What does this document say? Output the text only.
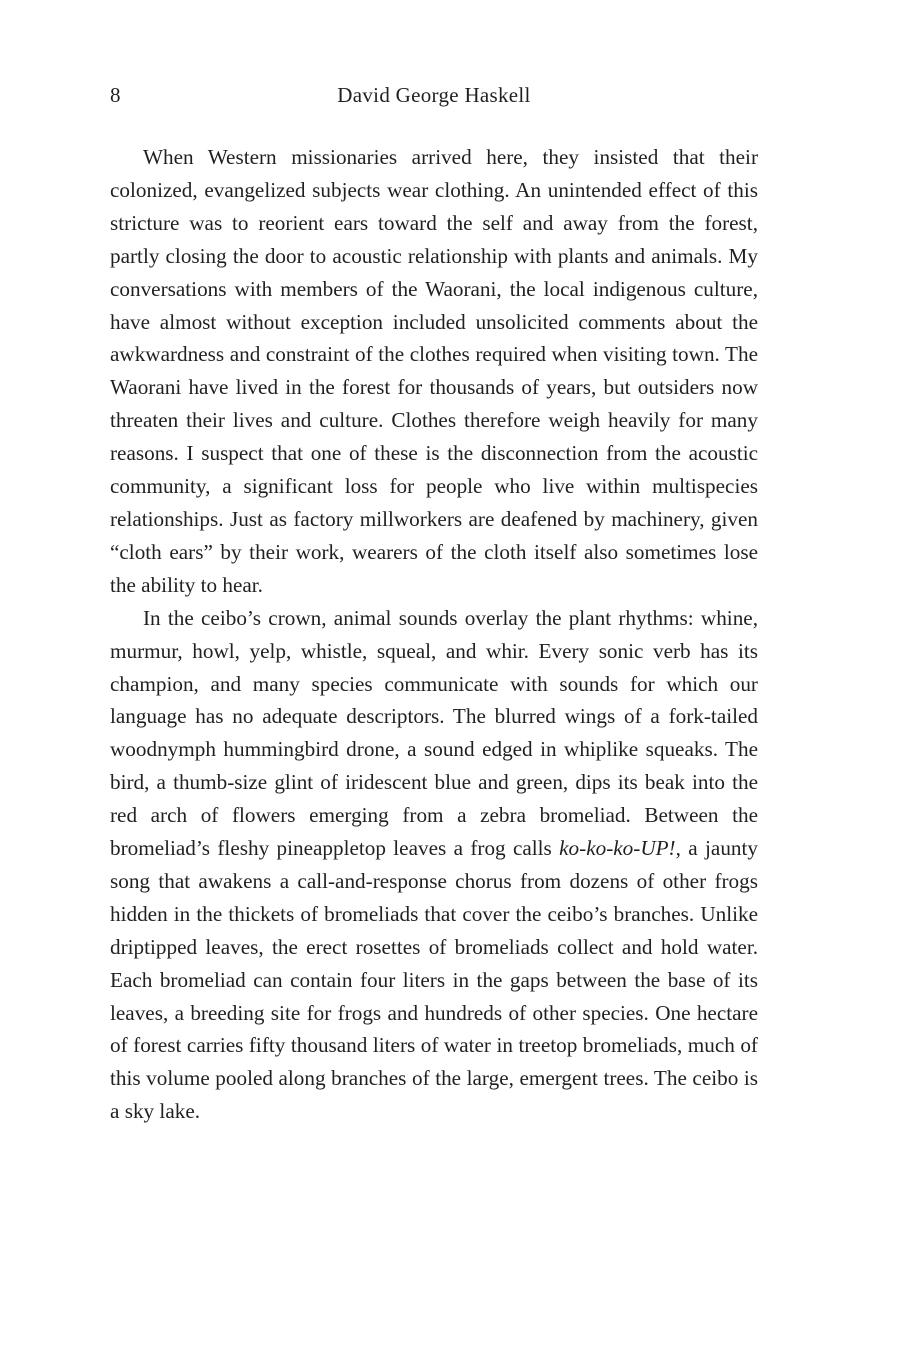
8	David George Haskell

When Western missionaries arrived here, they insisted that their colonized, evangelized subjects wear clothing. An unintended effect of this stricture was to reorient ears toward the self and away from the forest, partly closing the door to acoustic relationship with plants and animals. My conversations with members of the Waorani, the local indigenous culture, have almost without exception included unsolicited comments about the awkwardness and constraint of the clothes required when visiting town. The Waorani have lived in the forest for thousands of years, but outsiders now threaten their lives and culture. Clothes therefore weigh heavily for many reasons. I suspect that one of these is the disconnection from the acoustic community, a significant loss for people who live within multispecies relationships. Just as factory millworkers are deafened by machinery, given “cloth ears” by their work, wearers of the cloth itself also sometimes lose the ability to hear.

In the ceibo’s crown, animal sounds overlay the plant rhythms: whine, murmur, howl, yelp, whistle, squeal, and whir. Every sonic verb has its champion, and many species communicate with sounds for which our language has no adequate descriptors. The blurred wings of a fork-tailed woodnymph hummingbird drone, a sound edged in whiplike squeaks. The bird, a thumb-size glint of iridescent blue and green, dips its beak into the red arch of flowers emerging from a zebra bromeliad. Between the bromeliad’s fleshy pineappletop leaves a frog calls ko-ko-ko-UP!, a jaunty song that awakens a call-and-response chorus from dozens of other frogs hidden in the thickets of bromeliads that cover the ceibo’s branches. Unlike driptipped leaves, the erect rosettes of bromeliads collect and hold water. Each bromeliad can contain four liters in the gaps between the base of its leaves, a breeding site for frogs and hundreds of other species. One hectare of forest carries fifty thousand liters of water in treetop bromeliads, much of this volume pooled along branches of the large, emergent trees. The ceibo is a sky lake.
